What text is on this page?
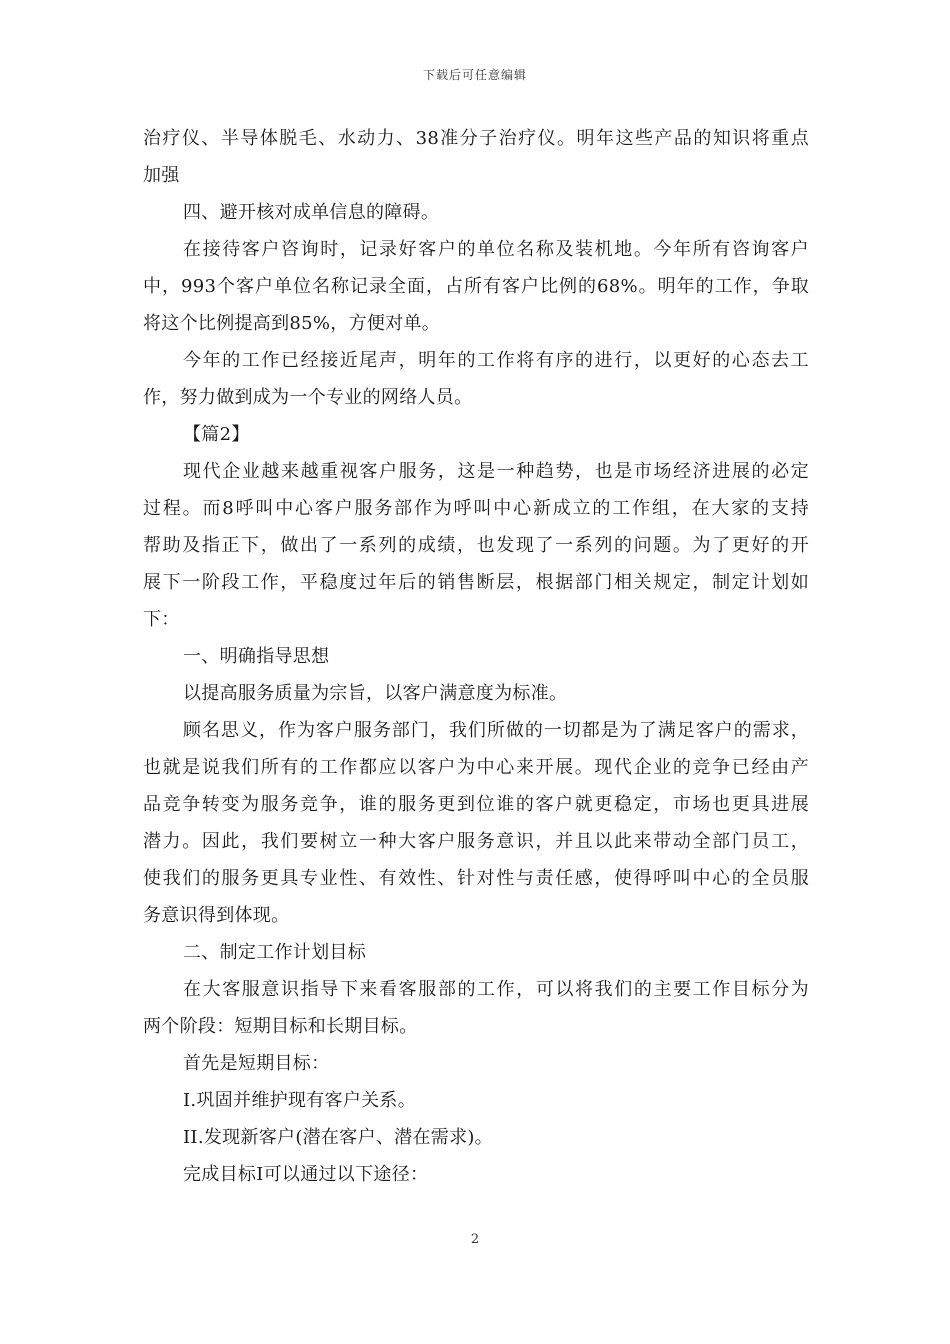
下载后可任意编辑
治疗仪、半导体脱毛、水动力、38准分子治疗仪。明年这些产品的知识将重点
加强
四、避开核对成单信息的障碍。
在接待客户咨询时，记录好客户的单位名称及装机地。今年所有咨询客户
中，993个客户单位名称记录全面，占所有客户比例的68%。明年的工作，争取
将这个比例提高到85%，方便对单。
今年的工作已经接近尾声，明年的工作将有序的进行，以更好的心态去工
作，努力做到成为一个专业的网络人员。
【篇2】
现代企业越来越重视客户服务，这是一种趋势，也是市场经济进展的必定
过程。而8呼叫中心客户服务部作为呼叫中心新成立的工作组，在大家的支持
帮助及指正下，做出了一系列的成绩，也发现了一系列的问题。为了更好的开
展下一阶段工作，平稳度过年后的销售断层，根据部门相关规定，制定计划如
下：
一、明确指导思想
以提高服务质量为宗旨，以客户满意度为标准。
顾名思义，作为客户服务部门，我们所做的一切都是为了满足客户的需求，
也就是说我们所有的工作都应以客户为中心来开展。现代企业的竞争已经由产
品竞争转变为服务竞争，谁的服务更到位谁的客户就更稳定，市场也更具进展
潜力。因此，我们要树立一种大客户服务意识，并且以此来带动全部门员工，
使我们的服务更具专业性、有效性、针对性与责任感，使得呼叫中心的全员服
务意识得到体现。
二、制定工作计划目标
在大客服意识指导下来看客服部的工作，可以将我们的主要工作目标分为
两个阶段：短期目标和长期目标。
首先是短期目标：
I.巩固并维护现有客户关系。
II.发现新客户(潜在客户、潜在需求)。
完成目标I可以通过以下途径：
2
